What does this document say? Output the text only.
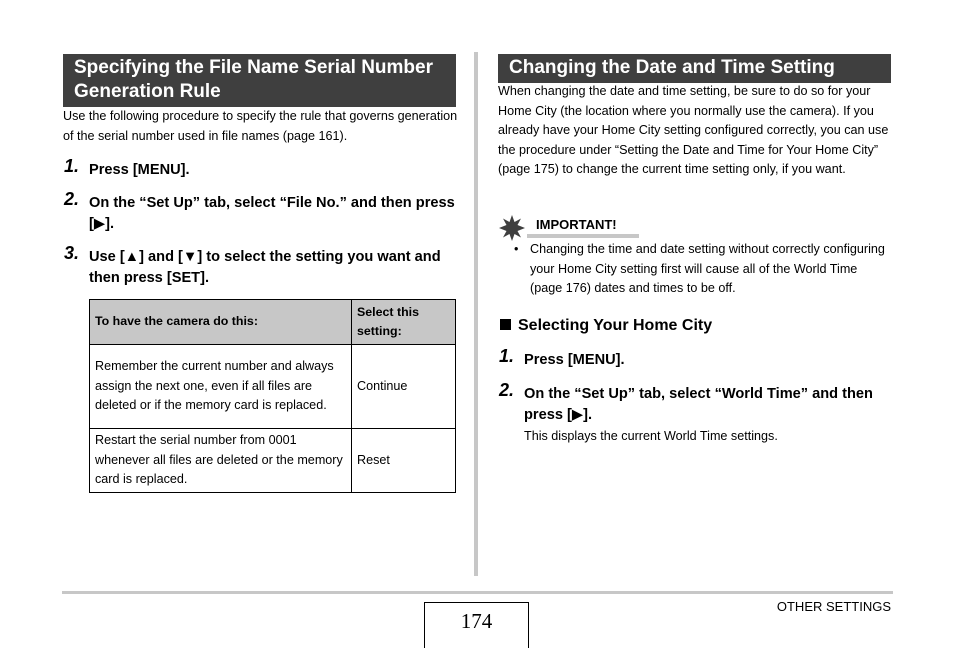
Specifying the File Name Serial Number Generation Rule

Use the following procedure to specify the rule that governs generation of the serial number used in file names (page 161).

1. Press [MENU].
2. On the “Set Up” tab, select “File No.” and then press [▶].
3. Use [▲] and [▼] to select the setting you want and then press [SET].
To have the camera do this:	Select this setting:
Remember the current number and always assign the next one, even if all files are deleted or if the memory card is replaced.	Continue
Restart the serial number from 0001 whenever all files are deleted or the memory card is replaced.	Reset
Changing the Date and Time Setting

When changing the date and time setting, be sure to do so for your Home City (the location where you normally use the camera). If you already have your Home City setting configured correctly, you can use the procedure under “Setting the Date and Time for Your Home City” (page 175) to change the current time setting only, if you want.

IMPORTANT!
• Changing the time and date setting without correctly configuring your Home City setting first will cause all of the World Time (page 176) dates and times to be off.
Selecting Your Home City
1. Press [MENU].
2. On the “Set Up” tab, select “World Time” and then press [▶].

This displays the current World Time settings.

174
OTHER SETTINGS
